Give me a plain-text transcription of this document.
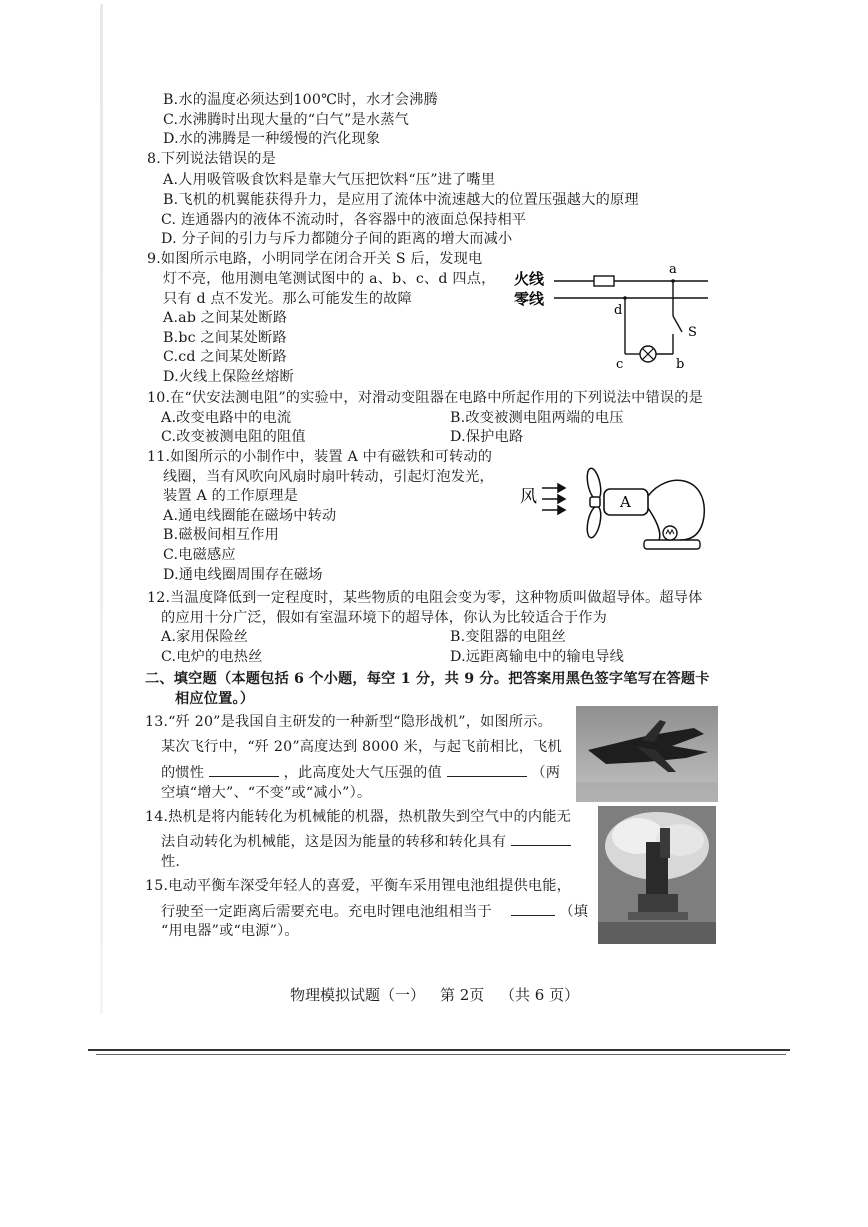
B.水的温度必须达到100℃时，水才会沸腾
C.水沸腾时出现大量的“白气”是水蒸气
D.水的沸腾是一种缓慢的汽化现象
8.下列说法错误的是
A.人用吸管吸食饮料是靠大气压把饮料“压”进了嘴里
B.飞机的机翼能获得升力，是应用了流体中流速越大的位置压强越大的原理
C. 连通器内的液体不流动时，各容器中的液面总保持相平
D. 分子间的引力与斥力都随分子间的距离的增大而减小
9.如图所示电路，小明同学在闭合开关 S 后，发现电
灯不亮，他用测电笔测试图中的 a、b、c、d 四点，
只有 d 点不发光。那么可能发生的故障
A.ab 之间某处断路
B.bc 之间某处断路
C.cd 之间某处断路
D.火线上保险丝熔断
火线
零线
a
S
d
c	b
10.在“伏安法测电阻”的实验中，对滑动变阻器在电路中所起作用的下列说法中错误的是
A.改变电路中的电流	B.改变被测电阻两端的电压
C.改变被测电阻的阻值	D.保护电路
11.如图所示的小制作中，装置 A 中有磁铁和可转动的
线圈，当有风吹向风扇时扇叶转动，引起灯泡发光，
装置 A 的工作原理是
A.通电线圈能在磁场中转动
B.磁极间相互作用
C.电磁感应
D.通电线圈周围存在磁场
风	A
12.当温度降低到一定程度时，某些物质的电阻会变为零，这种物质叫做超导体。超导体
的应用十分广泛，假如有室温环境下的超导体，你认为比较适合于作为
A.家用保险丝	B.变阻器的电阻丝
C.电炉的电热丝	D.远距离输电中的输电导线
二、填空题（本题包括 6 个小题，每空 1 分，共 9 分。把答案用黑色签字笔写在答题卡
相应位置。）
13.“歼 20”是我国自主研发的一种新型“隐形战机”，如图所示。
某次飞行中，“歼 20”高度达到 8000 米，与起飞前相比，飞机
的惯性	，此高度处大气压强的值	（两
空填“增大”、“不变”或“减小”）。
14.热机是将内能转化为机械能的机器，热机散失到空气中的内能无
法自动转化为机械能，这是因为能量的转移和转化具有
性.
15.电动平衡车深受年轻人的喜爱，平衡车采用锂电池组提供电能，
行驶至一定距离后需要充电。充电时锂电池组相当于	（填
“用电器”或“电源”）。
物理模拟试题（一） 第 2页 （共 6 页）
